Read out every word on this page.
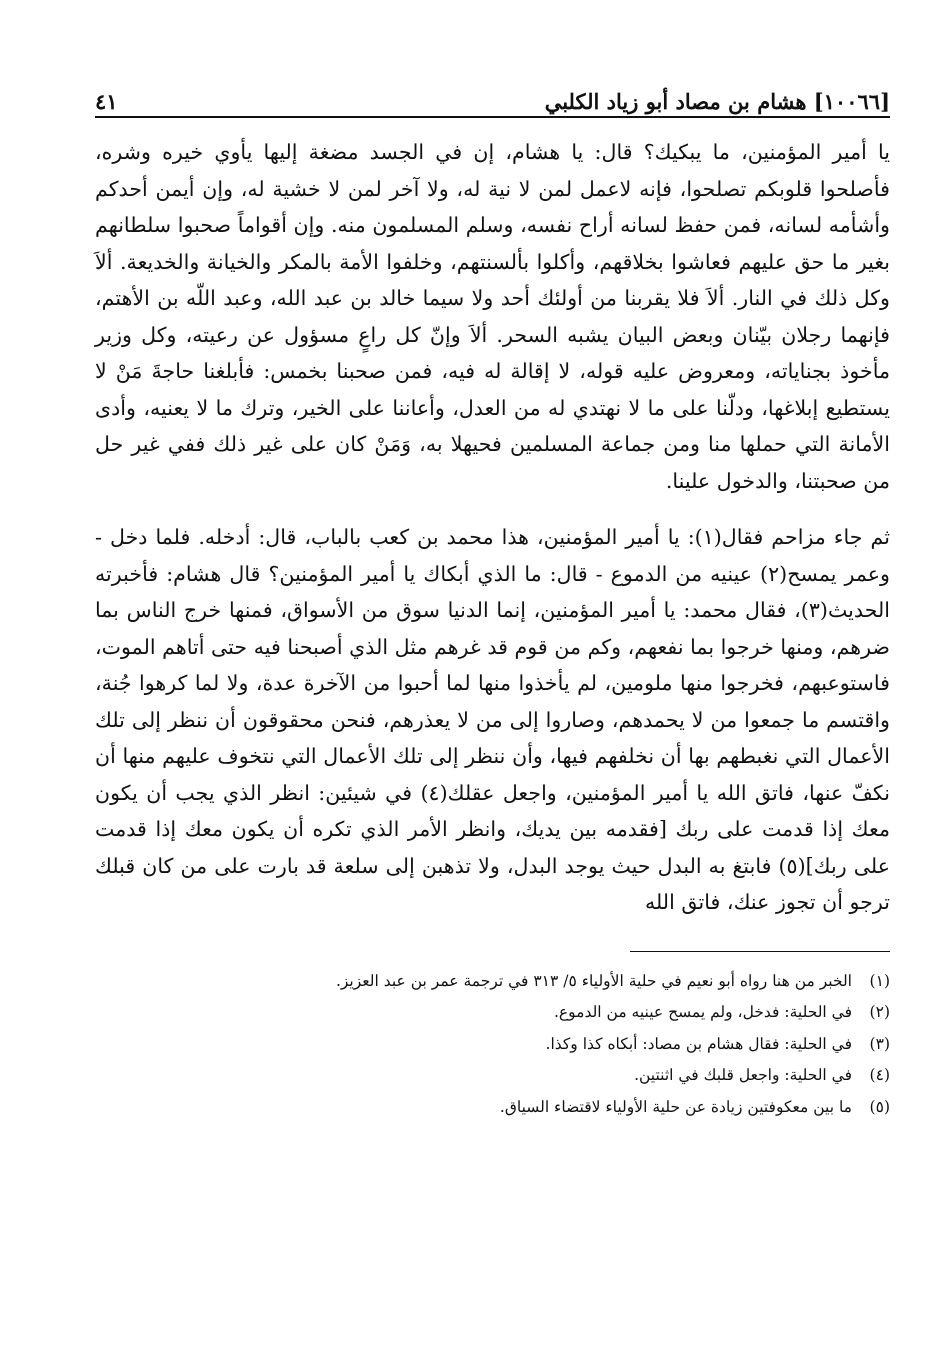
[١٠٠٦٦] هشام بن مصاد أبو زياد الكلبي
٤١

يا أمير المؤمنين، ما يبكيك؟ قال: يا هشام، إن في الجسد مضغة إليها يأوي خيره وشره، فأصلحوا قلوبكم تصلحوا، فإنه لاعمل لمن لا نية له، ولا آخر لمن لا خشية له، وإن أيمن أحدكم وأشأمه لسانه، فمن حفظ لسانه أراح نفسه، وسلم المسلمون منه. وإن أقواماً صحبوا سلطانهم بغير ما حق عليهم فعاشوا بخلاقهم، وأكلوا بألسنتهم، وخلفوا الأمة بالمكر والخيانة والخديعة. ألاَ وكل ذلك في النار. ألاَ فلا يقربنا من أولئك أحد ولا سيما خالد بن عبد الله، وعبد اللّه بن الأهتم، فإنهما رجلان بيّنان وبعض البيان يشبه السحر. ألاَ وإنّ كل راعٍ مسؤول عن رعيته، وكل وزير مأخوذ بجناياته، ومعروض عليه قوله، لا إقالة له فيه، فمن صحبنا بخمس: فأبلغنا حاجةَ مَنْ لا يستطيع إبلاغها، ودلّنا على ما لا نهتدي له من العدل، وأعاننا على الخير، وترك ما لا يعنيه، وأدى الأمانة التي حملها منا ومن جماعة المسلمين فحيهلا به، وَمَنْ كان على غير ذلك ففي غير حل من صحبتنا، والدخول علينا.

ثم جاء مزاحم فقال(١): يا أمير المؤمنين، هذا محمد بن كعب بالباب، قال: أدخله. فلما دخل - وعمر يمسح(٢) عينيه من الدموع - قال: ما الذي أبكاك يا أمير المؤمنين؟ قال هشام: فأخبرته الحديث(٣)، فقال محمد: يا أمير المؤمنين، إنما الدنيا سوق من الأسواق، فمنها خرج الناس بما ضرهم، ومنها خرجوا بما نفعهم، وكم من قوم قد غرهم مثل الذي أصبحنا فيه حتى أتاهم الموت، فاستوعبهم، فخرجوا منها ملومين، لم يأخذوا منها لما أحبوا من الآخرة عدة، ولا لما كرهوا جُنة، واقتسم ما جمعوا من لا يحمدهم، وصاروا إلى من لا يعذرهم، فنحن محقوقون أن ننظر إلى تلك الأعمال التي نغبطهم بها أن نخلفهم فيها، وأن ننظر إلى تلك الأعمال التي نتخوف عليهم منها أن نكفّ عنها، فاتق الله يا أمير المؤمنين، واجعل عقلك(٤) في شيئين: انظر الذي يجب أن يكون معك إذا قدمت على ربك [فقدمه بين يديك، وانظر الأمر الذي تكره أن يكون معك إذا قدمت على ربك](٥) فابتغ به البدل حيث يوجد البدل، ولا تذهبن إلى سلعة قد بارت على من كان قبلك ترجو أن تجوز عنك، فاتق الله

(١)
الخبر من هنا رواه أبو نعيم في حلية الأولياء ٥/ ٣١٣ في ترجمة عمر بن عبد العزيز.
(٢)
في الحلية: فدخل، ولم يمسح عينيه من الدموع.
(٣)
في الحلية: فقال هشام بن مصاد: أبكاه كذا وكذا.
(٤)
في الحلية: واجعل قلبك في اثنتين.
(٥)
ما بين معكوفتين زيادة عن حلية الأولياء لاقتضاء السياق.
